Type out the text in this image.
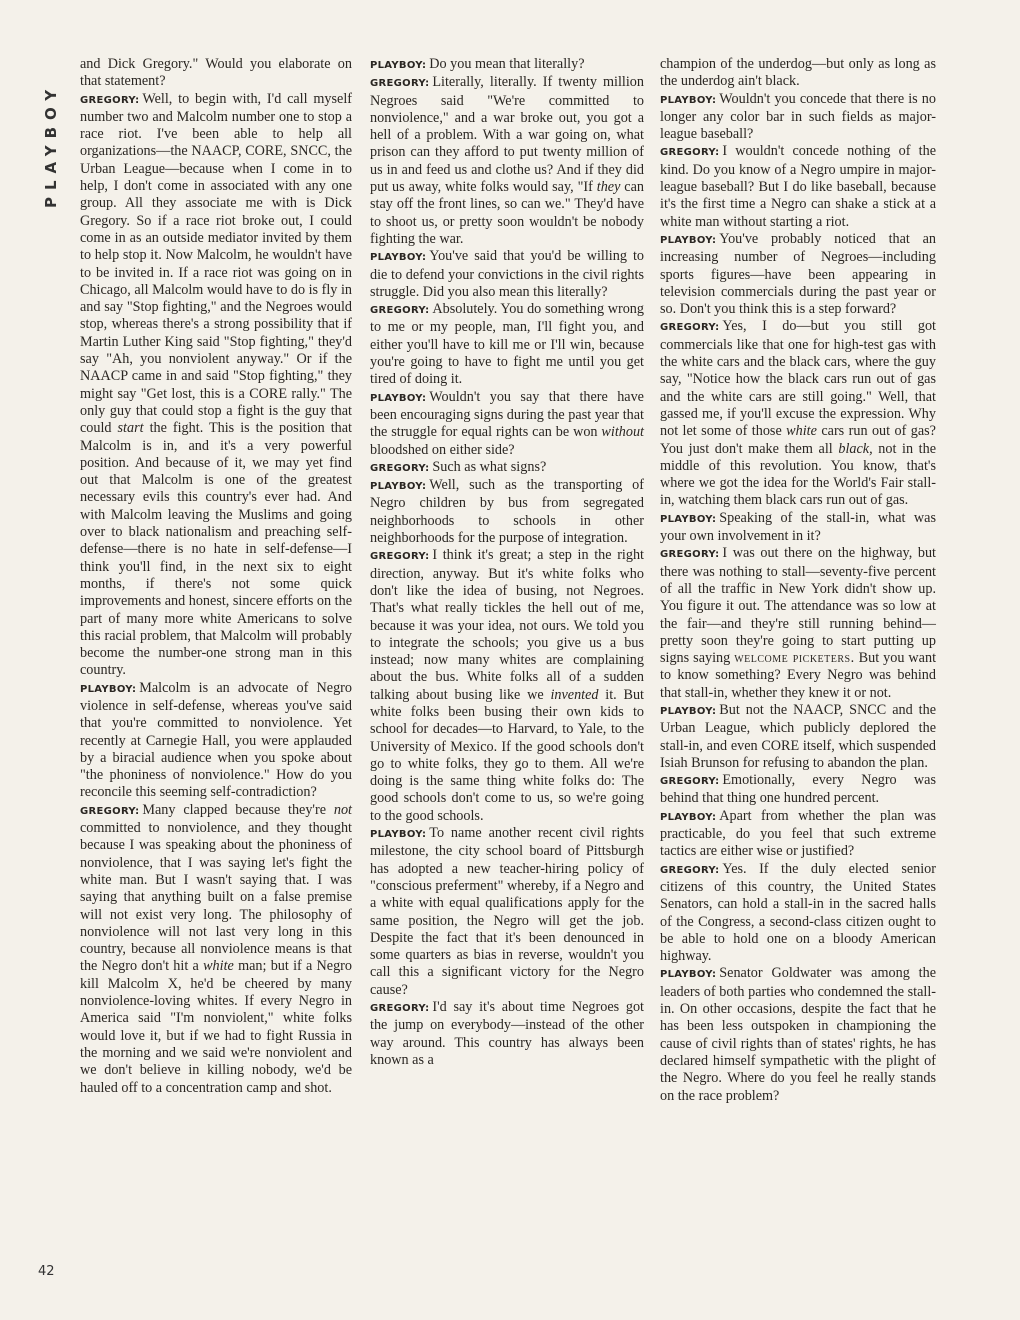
PLAYBOY
42

and Dick Gregory." Would you elaborate on that statement?

GREGORY: Well, to begin with, I'd call myself number two and Malcolm number one to stop a race riot. I've been able to help all organizations—the NAACP, CORE, SNCC, the Urban League—because when I come in to help, I don't come in associated with any one group. All they associate me with is Dick Gregory. So if a race riot broke out, I could come in as an outside mediator invited by them to help stop it. Now Malcolm, he wouldn't have to be invited in. If a race riot was going on in Chicago, all Malcolm would have to do is fly in and say "Stop fighting," and the Negroes would stop, whereas there's a strong possibility that if Martin Luther King said "Stop fighting," they'd say "Ah, you nonviolent anyway." Or if the NAACP came in and said "Stop fighting," they might say "Get lost, this is a CORE rally." The only guy that could stop a fight is the guy that could start the fight. This is the position that Malcolm is in, and it's a very powerful position. And because of it, we may yet find out that Malcolm is one of the greatest necessary evils this country's ever had. And with Malcolm leaving the Muslims and going over to black nationalism and preaching self-defense—there is no hate in self-defense—I think you'll find, in the next six to eight months, if there's not some quick improvements and honest, sincere efforts on the part of many more white Americans to solve this racial problem, that Malcolm will probably become the number-one strong man in this country.

PLAYBOY: Malcolm is an advocate of Negro violence in self-defense, whereas you've said that you're committed to nonviolence. Yet recently at Carnegie Hall, you were applauded by a biracial audience when you spoke about "the phoniness of nonviolence." How do you reconcile this seeming self-contradiction?

GREGORY: Many clapped because they're not committed to nonviolence, and they thought because I was speaking about the phoniness of nonviolence, that I was saying let's fight the white man. But I wasn't saying that. I was saying that anything built on a false premise will not exist very long. The philosophy of nonviolence will not last very long in this country, because all nonviolence means is that the Negro don't hit a white man; but if a Negro kill Malcolm X, he'd be cheered by many nonviolence-loving whites. If every Negro in America said "I'm nonviolent," white folks would love it, but if we had to fight Russia in the morning and we said we're nonviolent and we don't believe in killing nobody, we'd be hauled off to a concentration camp and shot.

PLAYBOY: Do you mean that literally?

GREGORY: Literally, literally. If twenty million Negroes said "We're committed to nonviolence," and a war broke out, you got a hell of a problem. With a war going on, what prison can they afford to put twenty million of us in and feed us and clothe us? And if they did put us away, white folks would say, "If they can stay off the front lines, so can we." They'd have to shoot us, or pretty soon wouldn't be nobody fighting the war.

PLAYBOY: You've said that you'd be willing to die to defend your convictions in the civil rights struggle. Did you also mean this literally?

GREGORY: Absolutely. You do something wrong to me or my people, man, I'll fight you, and either you'll have to kill me or I'll win, because you're going to have to fight me until you get tired of doing it.

PLAYBOY: Wouldn't you say that there have been encouraging signs during the past year that the struggle for equal rights can be won without bloodshed on either side?

GREGORY: Such as what signs?

PLAYBOY: Well, such as the transporting of Negro children by bus from segregated neighborhoods to schools in other neighborhoods for the purpose of integration.

GREGORY: I think it's great; a step in the right direction, anyway. But it's white folks who don't like the idea of busing, not Negroes. That's what really tickles the hell out of me, because it was your idea, not ours. We told you to integrate the schools; you give us a bus instead; now many whites are complaining about the bus. White folks all of a sudden talking about busing like we invented it. But white folks been busing their own kids to school for decades—to Harvard, to Yale, to the University of Mexico. If the good schools don't go to white folks, they go to them. All we're doing is the same thing white folks do: The good schools don't come to us, so we're going to the good schools.

PLAYBOY: To name another recent civil rights milestone, the city school board of Pittsburgh has adopted a new teacher-hiring policy of "conscious preferment" whereby, if a Negro and a white with equal qualifications apply for the same position, the Negro will get the job. Despite the fact that it's been denounced in some quarters as bias in reverse, wouldn't you call this a significant victory for the Negro cause?

GREGORY: I'd say it's about time Negroes got the jump on everybody—instead of the other way around. This country has always been known as a

champion of the underdog—but only as long as the underdog ain't black.

PLAYBOY: Wouldn't you concede that there is no longer any color bar in such fields as major-league baseball?

GREGORY: I wouldn't concede nothing of the kind. Do you know of a Negro umpire in major-league baseball? But I do like baseball, because it's the first time a Negro can shake a stick at a white man without starting a riot.

PLAYBOY: You've probably noticed that an increasing number of Negroes—including sports figures—have been appearing in television commercials during the past year or so. Don't you think this is a step forward?

GREGORY: Yes, I do—but you still got commercials like that one for high-test gas with the white cars and the black cars, where the guy say, "Notice how the black cars run out of gas and the white cars are still going." Well, that gassed me, if you'll excuse the expression. Why not let some of those white cars run out of gas? You just don't make them all black, not in the middle of this revolution. You know, that's where we got the idea for the World's Fair stall-in, watching them black cars run out of gas.

PLAYBOY: Speaking of the stall-in, what was your own involvement in it?

GREGORY: I was out there on the highway, but there was nothing to stall—seventy-five percent of all the traffic in New York didn't show up. You figure it out. The attendance was so low at the fair—and they're still running behind—pretty soon they're going to start putting up signs saying welcome picketers. But you want to know something? Every Negro was behind that stall-in, whether they knew it or not.

PLAYBOY: But not the NAACP, SNCC and the Urban League, which publicly deplored the stall-in, and even CORE itself, which suspended Isiah Brunson for refusing to abandon the plan.

GREGORY: Emotionally, every Negro was behind that thing one hundred percent.

PLAYBOY: Apart from whether the plan was practicable, do you feel that such extreme tactics are either wise or justified?

GREGORY: Yes. If the duly elected senior citizens of this country, the United States Senators, can hold a stall-in in the sacred halls of the Congress, a second-class citizen ought to be able to hold one on a bloody American highway.

PLAYBOY: Senator Goldwater was among the leaders of both parties who condemned the stall-in. On other occasions, despite the fact that he has been less outspoken in championing the cause of civil rights than of states' rights, he has declared himself sympathetic with the plight of the Negro. Where do you feel he really stands on the race problem?
